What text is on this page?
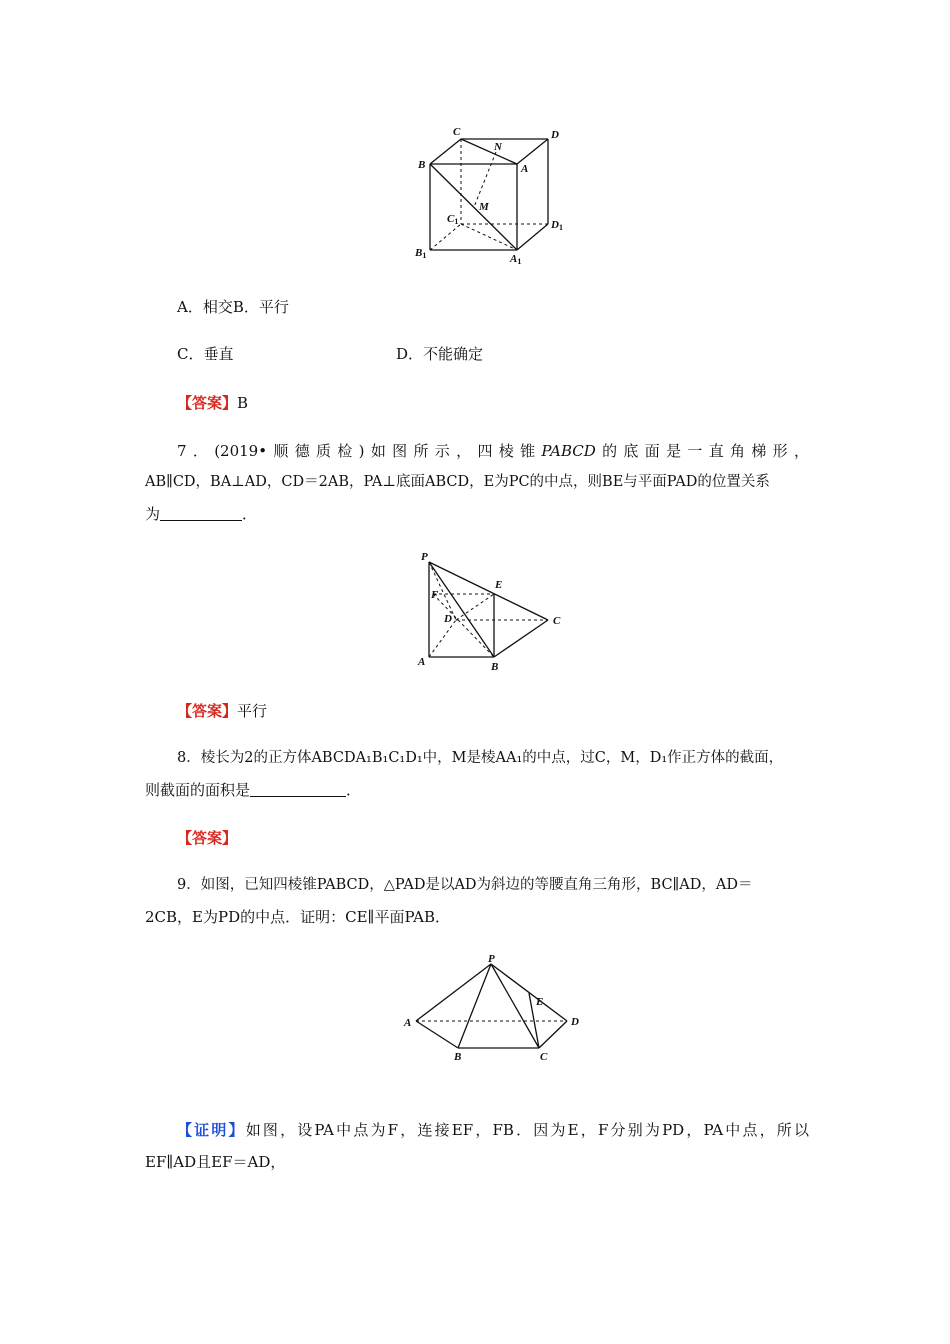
C	D
N
B	A
M
C1	D1
B1	A1
A．相交B．平行
C．垂直	D．不能确定
【答案】B
7．(2019•顺德质检)如图所示，四棱锥PABCD的底面是一直角梯形，
AB∥CD，BA⊥AD，CD＝2AB，PA⊥底面ABCD，E为PC的中点，则BE与平面PAD的位置关系
为	．
P
E
F
D	C
A	B
【答案】平行
8．棱长为2的正方体ABCDA₁B₁C₁D₁中，M是棱AA₁的中点，过C，M，D₁作正方体的截面，
则截面的面积是	．
【答案】
9．如图，已知四棱锥PABCD，△PAD是以AD为斜边的等腰直角三角形，BC∥AD，AD＝
2CB，E为PD的中点．证明：CE∥平面PAB．
P
E
A	D
B	C
【证明】如图，设PA中点为F，连接EF，FB．因为E，F分别为PD，PA中点，所以
EF∥AD且EF＝AD，
